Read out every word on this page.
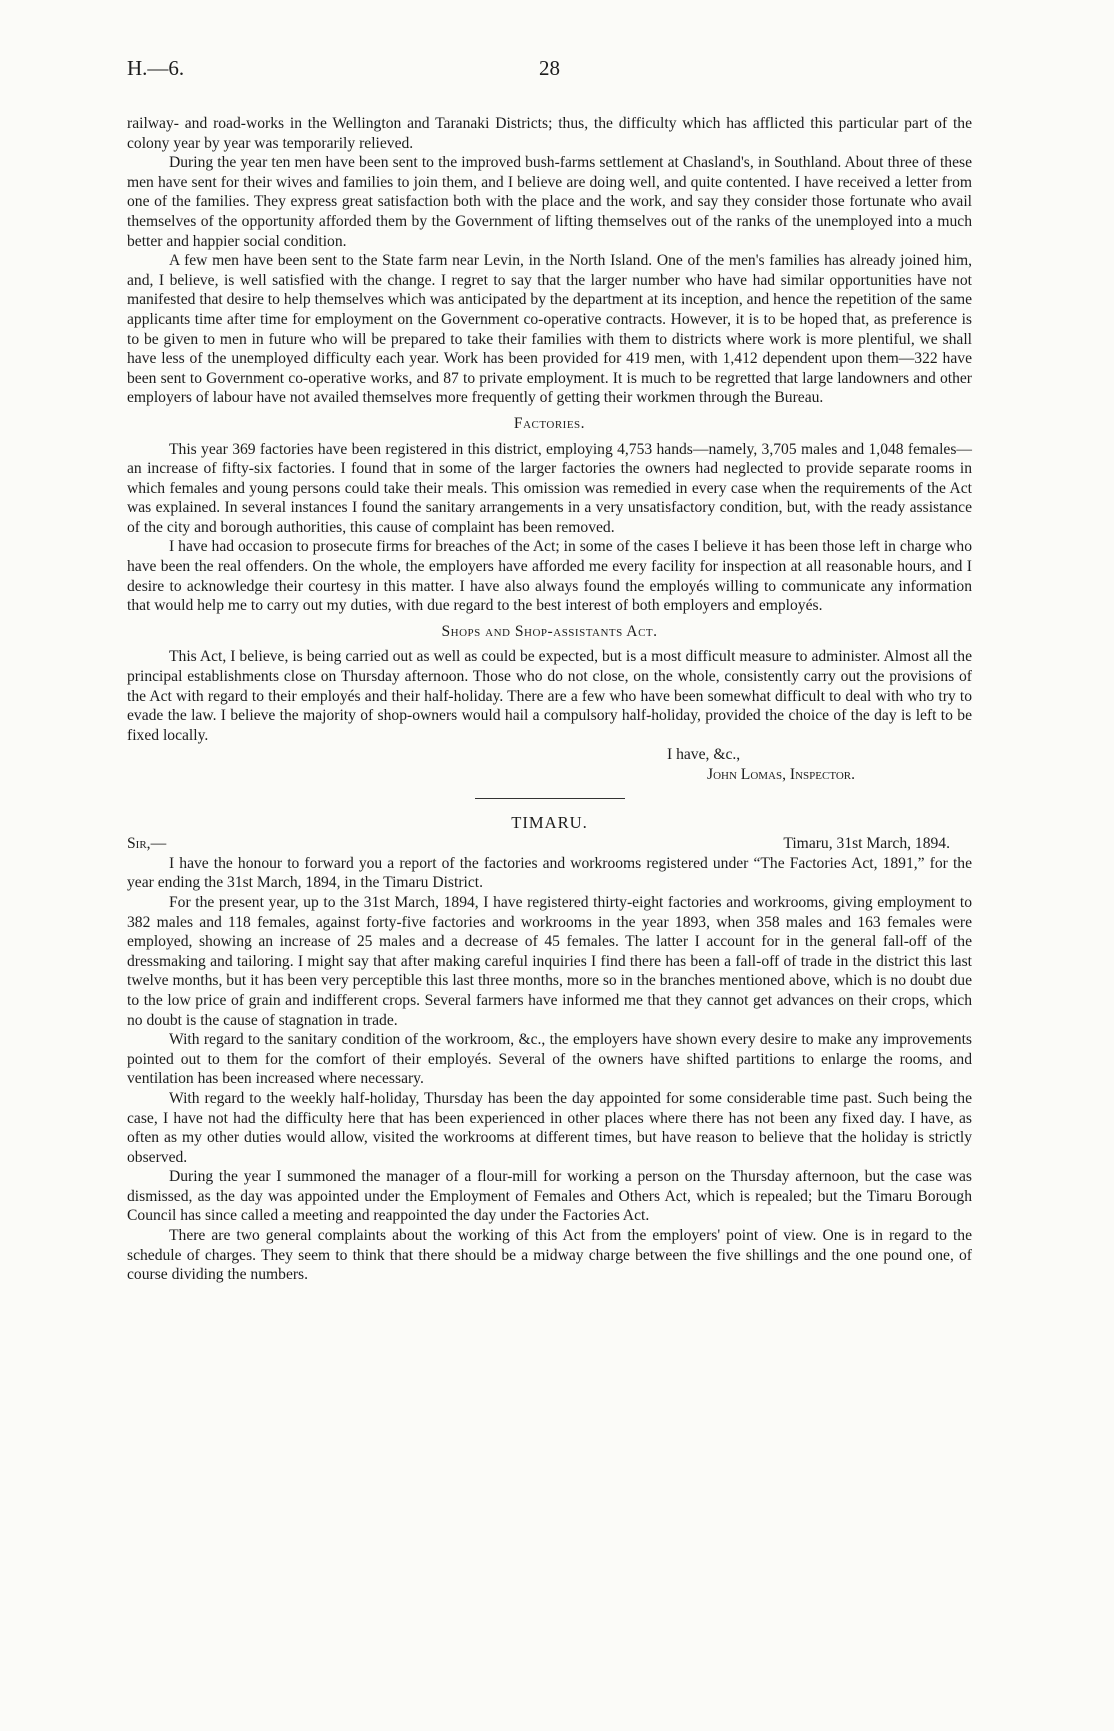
H.—6.	28

railway- and road-works in the Wellington and Taranaki Districts; thus, the difficulty which has afflicted this particular part of the colony year by year was temporarily relieved.

During the year ten men have been sent to the improved bush-farms settlement at Chasland's, in Southland. About three of these men have sent for their wives and families to join them, and I believe are doing well, and quite contented. I have received a letter from one of the families. They express great satisfaction both with the place and the work, and say they consider those fortunate who avail themselves of the opportunity afforded them by the Government of lifting themselves out of the ranks of the unemployed into a much better and happier social condition.

A few men have been sent to the State farm near Levin, in the North Island. One of the men's families has already joined him, and, I believe, is well satisfied with the change. I regret to say that the larger number who have had similar opportunities have not manifested that desire to help themselves which was anticipated by the department at its inception, and hence the repetition of the same applicants time after time for employment on the Government co-operative contracts. However, it is to be hoped that, as preference is to be given to men in future who will be prepared to take their families with them to districts where work is more plentiful, we shall have less of the unemployed difficulty each year. Work has been provided for 419 men, with 1,412 dependent upon them—322 have been sent to Government co-operative works, and 87 to private employment. It is much to be regretted that large landowners and other employers of labour have not availed themselves more frequently of getting their workmen through the Bureau.

Factories.

This year 369 factories have been registered in this district, employing 4,753 hands—namely, 3,705 males and 1,048 females—an increase of fifty-six factories. I found that in some of the larger factories the owners had neglected to provide separate rooms in which females and young persons could take their meals. This omission was remedied in every case when the requirements of the Act was explained. In several instances I found the sanitary arrangements in a very unsatisfactory condition, but, with the ready assistance of the city and borough authorities, this cause of complaint has been removed.

I have had occasion to prosecute firms for breaches of the Act; in some of the cases I believe it has been those left in charge who have been the real offenders. On the whole, the employers have afforded me every facility for inspection at all reasonable hours, and I desire to acknowledge their courtesy in this matter. I have also always found the employés willing to communicate any information that would help me to carry out my duties, with due regard to the best interest of both employers and employés.

Shops and Shop-assistants Act.

This Act, I believe, is being carried out as well as could be expected, but is a most difficult measure to administer. Almost all the principal establishments close on Thursday afternoon. Those who do not close, on the whole, consistently carry out the provisions of the Act with regard to their employés and their half-holiday. There are a few who have been somewhat difficult to deal with who try to evade the law. I believe the majority of shop-owners would hail a compulsory half-holiday, provided the choice of the day is left to be fixed locally.

I have, &c.,
John Lomas, Inspector.
TIMARU.
Sir,—	Timaru, 31st March, 1894.

I have the honour to forward you a report of the factories and workrooms registered under “The Factories Act, 1891,” for the year ending the 31st March, 1894, in the Timaru District.

For the present year, up to the 31st March, 1894, I have registered thirty-eight factories and workrooms, giving employment to 382 males and 118 females, against forty-five factories and workrooms in the year 1893, when 358 males and 163 females were employed, showing an increase of 25 males and a decrease of 45 females. The latter I account for in the general fall-off of the dressmaking and tailoring. I might say that after making careful inquiries I find there has been a fall-off of trade in the district this last twelve months, but it has been very perceptible this last three months, more so in the branches mentioned above, which is no doubt due to the low price of grain and indifferent crops. Several farmers have informed me that they cannot get advances on their crops, which no doubt is the cause of stagnation in trade.

With regard to the sanitary condition of the workroom, &c., the employers have shown every desire to make any improvements pointed out to them for the comfort of their employés. Several of the owners have shifted partitions to enlarge the rooms, and ventilation has been increased where necessary.

With regard to the weekly half-holiday, Thursday has been the day appointed for some considerable time past. Such being the case, I have not had the difficulty here that has been experienced in other places where there has not been any fixed day. I have, as often as my other duties would allow, visited the workrooms at different times, but have reason to believe that the holiday is strictly observed.

During the year I summoned the manager of a flour-mill for working a person on the Thursday afternoon, but the case was dismissed, as the day was appointed under the Employment of Females and Others Act, which is repealed; but the Timaru Borough Council has since called a meeting and reappointed the day under the Factories Act.

There are two general complaints about the working of this Act from the employers' point of view. One is in regard to the schedule of charges. They seem to think that there should be a midway charge between the five shillings and the one pound one, of course dividing the numbers.
